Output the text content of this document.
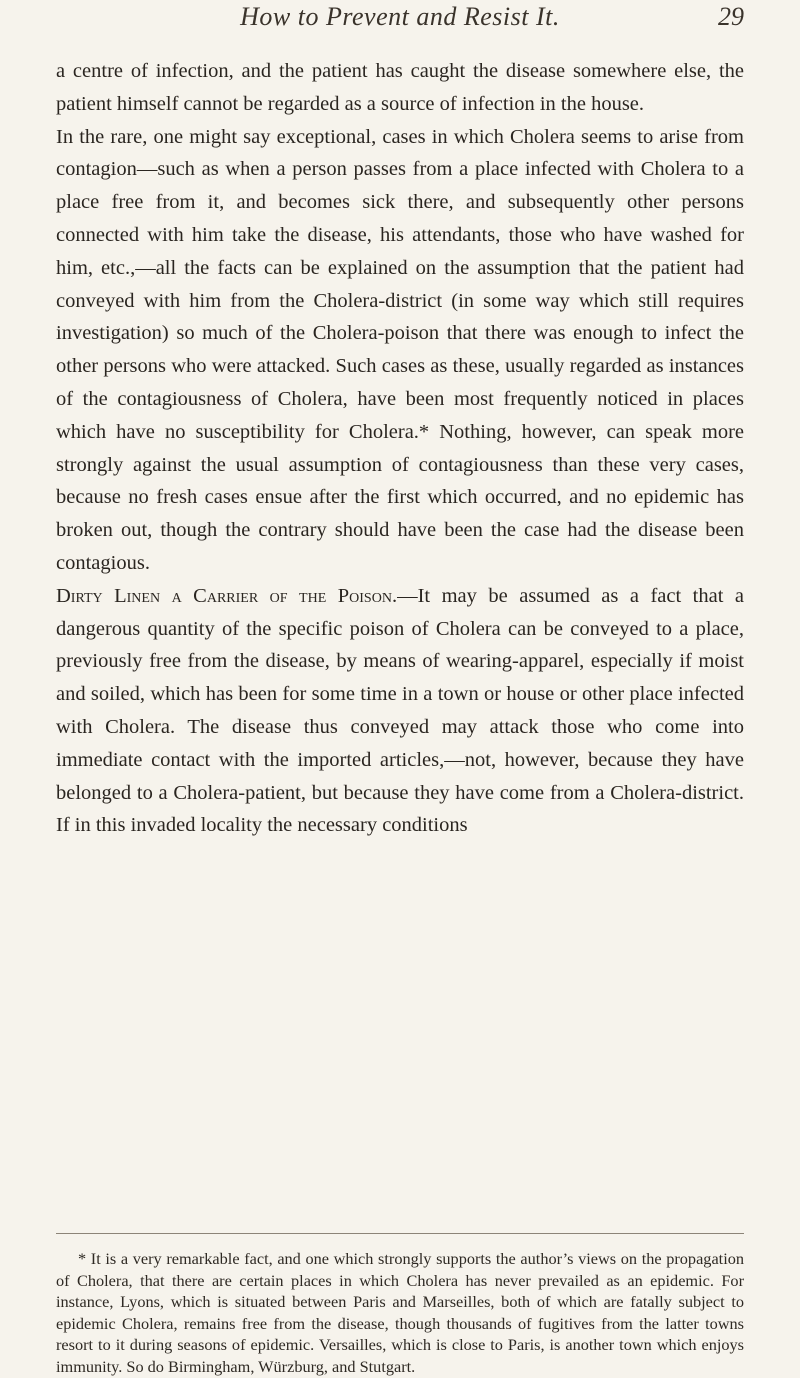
How to Prevent and Resist It.	29

a centre of infection, and the patient has caught the disease somewhere else, the patient himself cannot be regarded as a source of infection in the house.

In the rare, one might say exceptional, cases in which Cholera seems to arise from contagion—such as when a person passes from a place infected with Cholera to a place free from it, and becomes sick there, and subsequently other persons connected with him take the disease, his attendants, those who have washed for him, etc.,—all the facts can be explained on the assumption that the patient had conveyed with him from the Cholera-district (in some way which still requires investigation) so much of the Cholera-poison that there was enough to infect the other persons who were attacked. Such cases as these, usually regarded as instances of the contagiousness of Cholera, have been most frequently noticed in places which have no susceptibility for Cholera.* Nothing, however, can speak more strongly against the usual assumption of contagiousness than these very cases, because no fresh cases ensue after the first which occurred, and no epidemic has broken out, though the contrary should have been the case had the disease been contagious.

Dirty Linen a Carrier of the Poison.—It may be assumed as a fact that a dangerous quantity of the specific poison of Cholera can be conveyed to a place, previously free from the disease, by means of wearing-apparel, especially if moist and soiled, which has been for some time in a town or house or other place infected with Cholera. The disease thus conveyed may attack those who come into immediate contact with the imported articles,—not, however, because they have belonged to a Cholera-patient, but because they have come from a Cholera-district. If in this invaded locality the necessary conditions

* It is a very remarkable fact, and one which strongly supports the author’s views on the propagation of Cholera, that there are certain places in which Cholera has never prevailed as an epidemic. For instance, Lyons, which is situated between Paris and Marseilles, both of which are fatally subject to epidemic Cholera, remains free from the disease, though thousands of fugitives from the latter towns resort to it during seasons of epidemic. Versailles, which is close to Paris, is another town which enjoys immunity. So do Birmingham, Würzburg, and Stutgart.
